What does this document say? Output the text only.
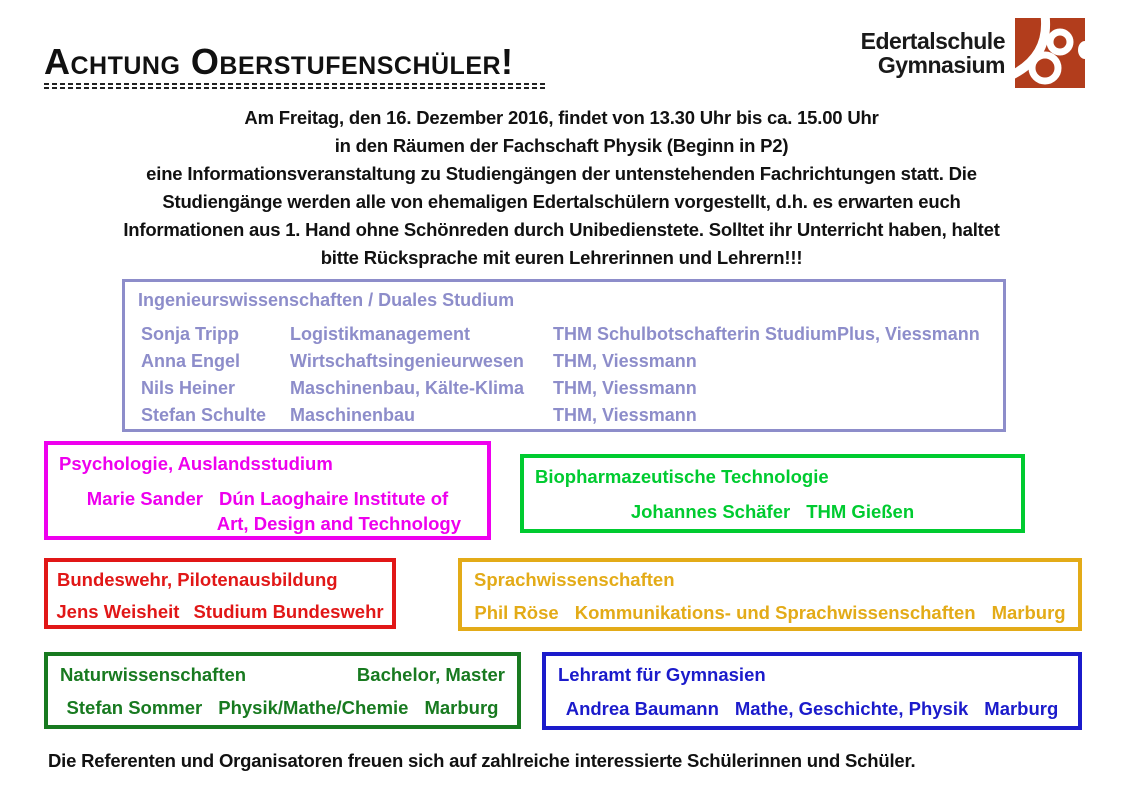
Achtung Oberstufenschüler!	Edertalschule
Gymnasium
Am Freitag, den 16. Dezember 2016, findet von 13.30 Uhr bis ca. 15.00 Uhr
in den Räumen der Fachschaft Physik (Beginn in P2)
eine Informationsveranstaltung zu Studiengängen der untenstehenden Fachrichtungen statt. Die
Studiengänge werden alle von ehemaligen Edertalschülern vorgestellt, d.h. es erwarten euch
Informationen aus 1. Hand ohne Schönreden durch Unibedienstete. Solltet ihr Unterricht haben, haltet
bitte Rücksprache mit euren Lehrerinnen und Lehrern!!!
Ingenieurswissenschaften / Duales Studium
Sonja Tripp	Logistikmanagement	THM Schulbotschafterin StudiumPlus, Viessmann
Anna Engel	Wirtschaftsingenieurwesen	THM, Viessmann
Nils Heiner	Maschinenbau, Kälte-Klima	THM, Viessmann
Stefan Schulte	Maschinenbau	THM, Viessmann
Psychologie, Auslandsstudium
Marie Sander Dún Laoghaire Institute of
Art, Design and Technology
Biopharmazeutische Technologie
Johannes Schäfer THM Gießen
Bundeswehr, Pilotenausbildung
Jens Weisheit Studium Bundeswehr
Sprachwissenschaften
Phil Röse Kommunikations- und Sprachwissenschaften Marburg
Naturwissenschaften	Bachelor, Master
Stefan Sommer Physik/Mathe/Chemie Marburg
Lehramt für Gymnasien
Andrea Baumann Mathe, Geschichte, Physik Marburg
Die Referenten und Organisatoren freuen sich auf zahlreiche interessierte Schülerinnen und Schüler.
